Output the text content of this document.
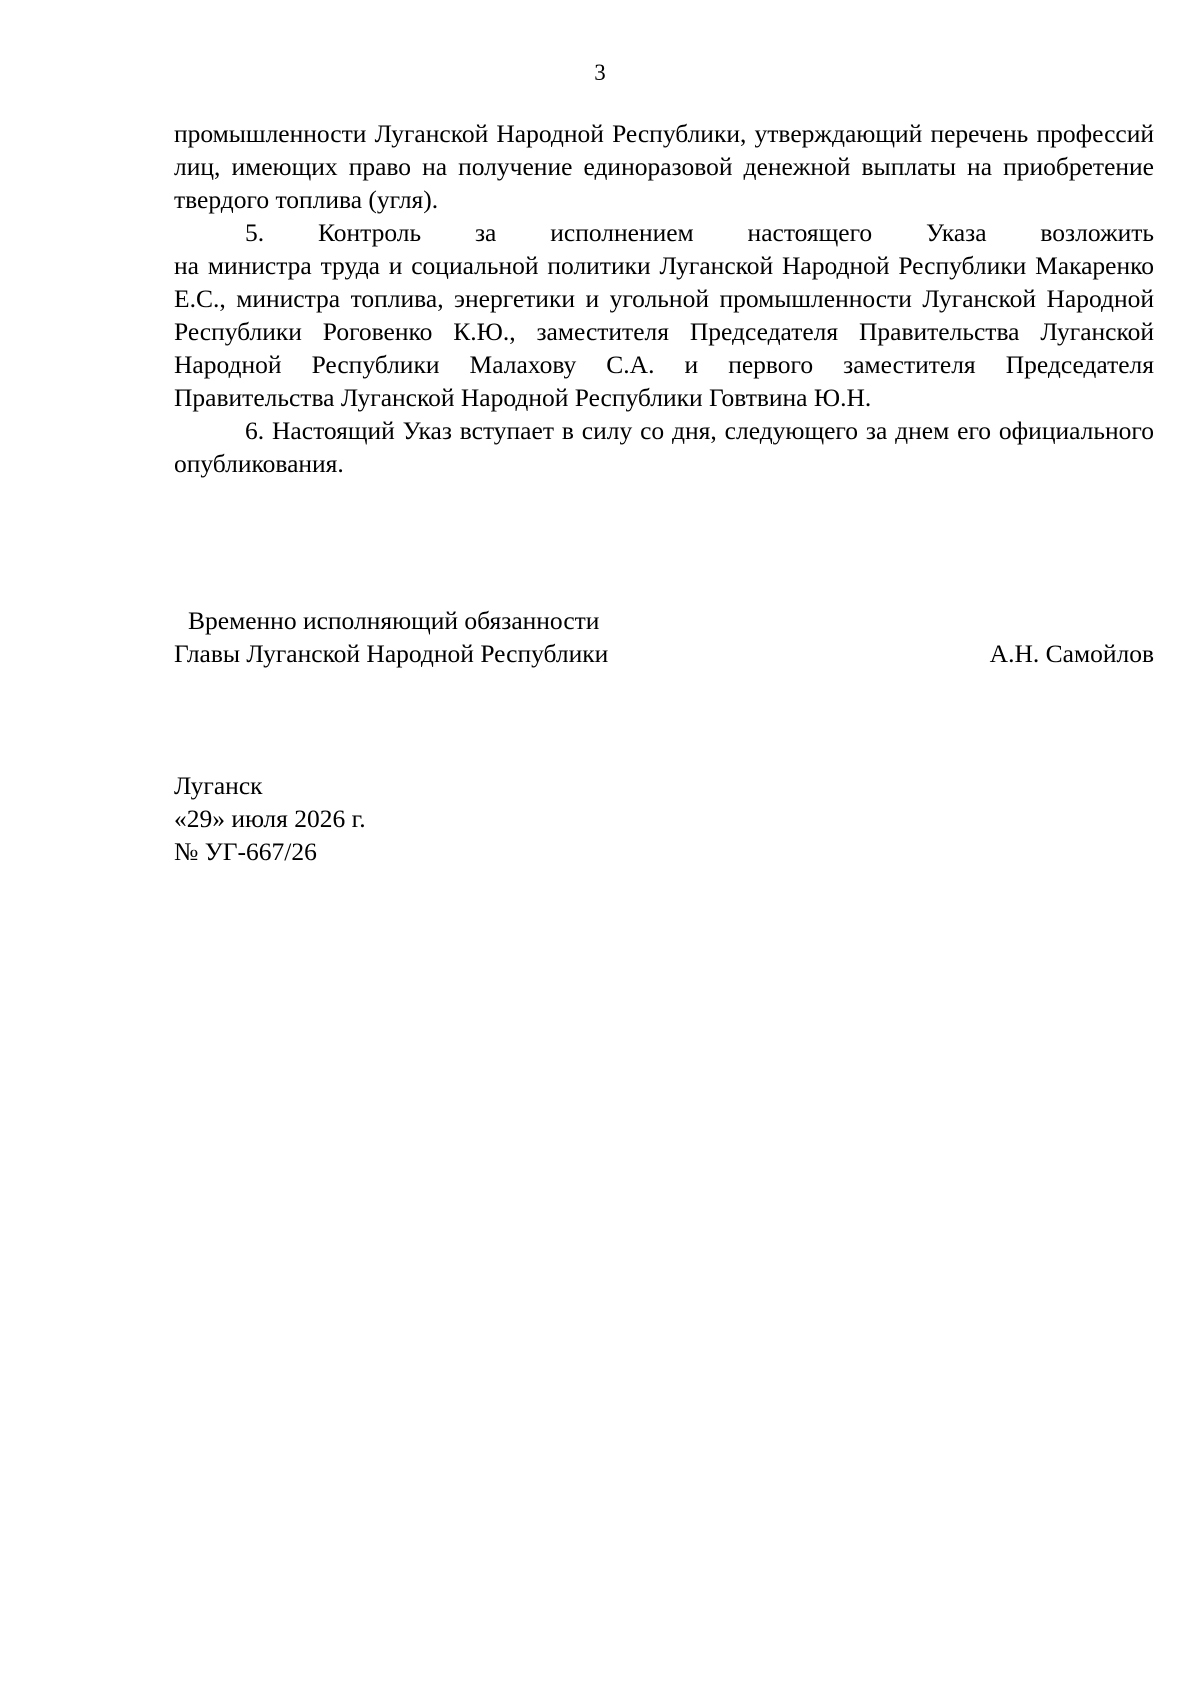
3

промышленности Луганской Народной Республики, утверждающий перечень профессий лиц, имеющих право на получение единоразовой денежной выплаты на приобретение твердого топлива (угля).

5. Контроль за исполнением настоящего Указа возложить
на министра труда и социальной политики Луганской Народной Республики Макаренко Е.С., министра топлива, энергетики и угольной промышленности Луганской Народной Республики Роговенко К.Ю., заместителя Председателя Правительства Луганской Народной Республики Малахову С.А. и первого заместителя Председателя Правительства Луганской Народной Республики Говтвина Ю.Н.

6. Настоящий Указ вступает в силу со дня, следующего за днем его официального опубликования.

Временно исполняющий обязанности
Главы Луганской Народной Республики	А.Н. Самойлов
Луганск
«29» июля 2026 г.
№ УГ-667/26
